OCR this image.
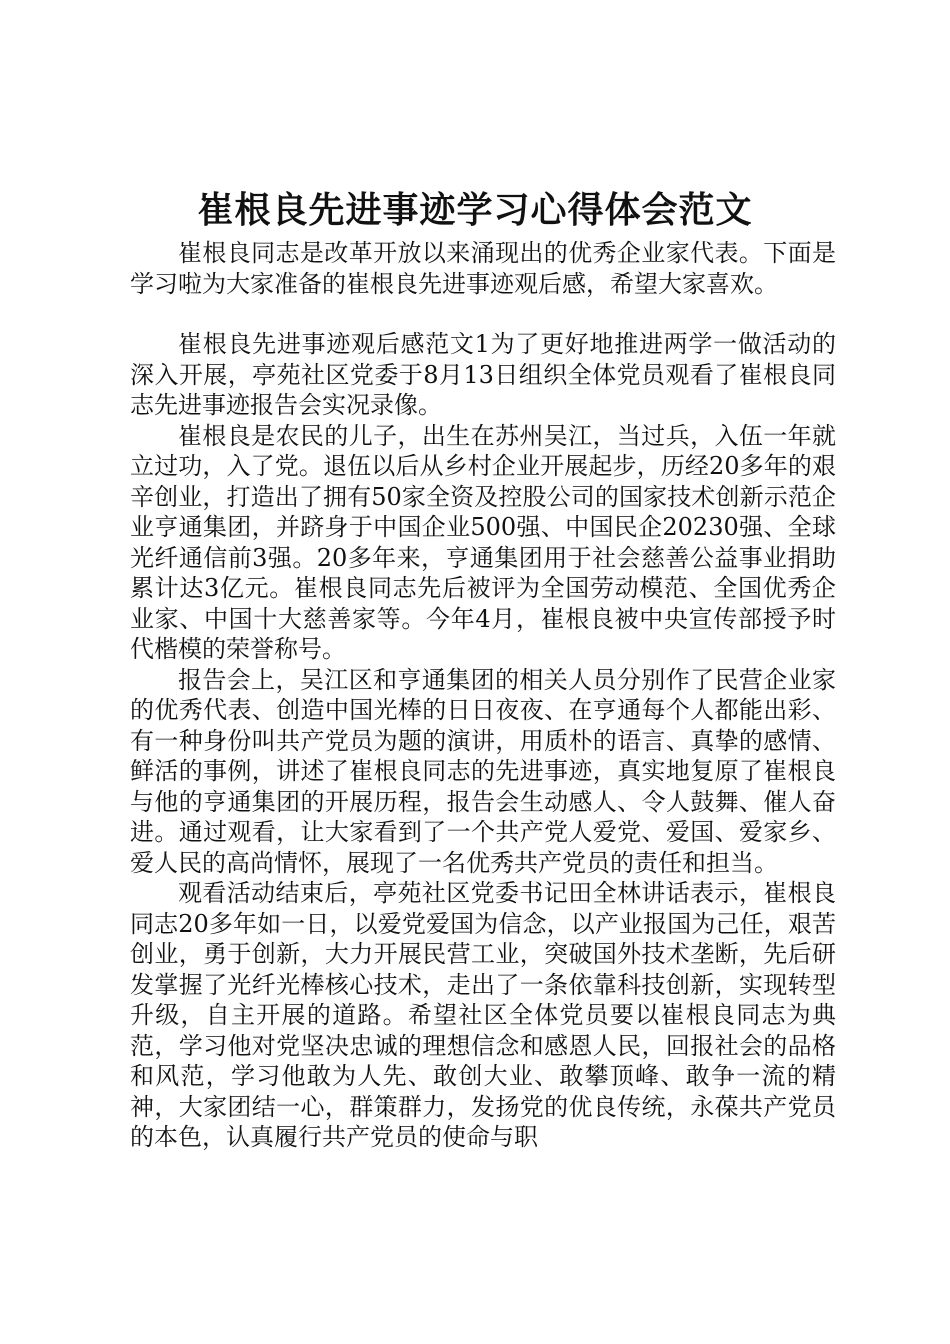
崔根良先进事迹学习心得体会范文

崔根良同志是改革开放以来涌现出的优秀企业家代表。下面是学习啦为大家准备的崔根良先进事迹观后感，希望大家喜欢。

崔根良先进事迹观后感范文1为了更好地推进两学一做活动的深入开展，亭苑社区党委于8月13日组织全体党员观看了崔根良同志先进事迹报告会实况录像。

崔根良是农民的儿子，出生在苏州吴江，当过兵，入伍一年就立过功，入了党。退伍以后从乡村企业开展起步，历经20多年的艰辛创业，打造出了拥有50家全资及控股公司的国家技术创新示范企业亨通集团，并跻身于中国企业500强、中国民企20230强、全球光纤通信前3强。20多年来，亨通集团用于社会慈善公益事业捐助累计达3亿元。崔根良同志先后被评为全国劳动模范、全国优秀企业家、中国十大慈善家等。今年4月，崔根良被中央宣传部授予时代楷模的荣誉称号。

报告会上，吴江区和亨通集团的相关人员分别作了民营企业家的优秀代表、创造中国光棒的日日夜夜、在亨通每个人都能出彩、有一种身份叫共产党员为题的演讲，用质朴的语言、真挚的感情、鲜活的事例，讲述了崔根良同志的先进事迹，真实地复原了崔根良与他的亨通集团的开展历程，报告会生动感人、令人鼓舞、催人奋进。通过观看，让大家看到了一个共产党人爱党、爱国、爱家乡、爱人民的高尚情怀，展现了一名优秀共产党员的责任和担当。

观看活动结束后，亭苑社区党委书记田全林讲话表示，崔根良同志20多年如一日，以爱党爱国为信念，以产业报国为己任，艰苦创业，勇于创新，大力开展民营工业，突破国外技术垄断，先后研发掌握了光纤光棒核心技术，走出了一条依靠科技创新，实现转型升级，自主开展的道路。希望社区全体党员要以崔根良同志为典范，学习他对党坚决忠诚的理想信念和感恩人民，回报社会的品格和风范，学习他敢为人先、敢创大业、敢攀顶峰、敢争一流的精神，大家团结一心，群策群力，发扬党的优良传统，永葆共产党员的本色，认真履行共产党员的使命与职
